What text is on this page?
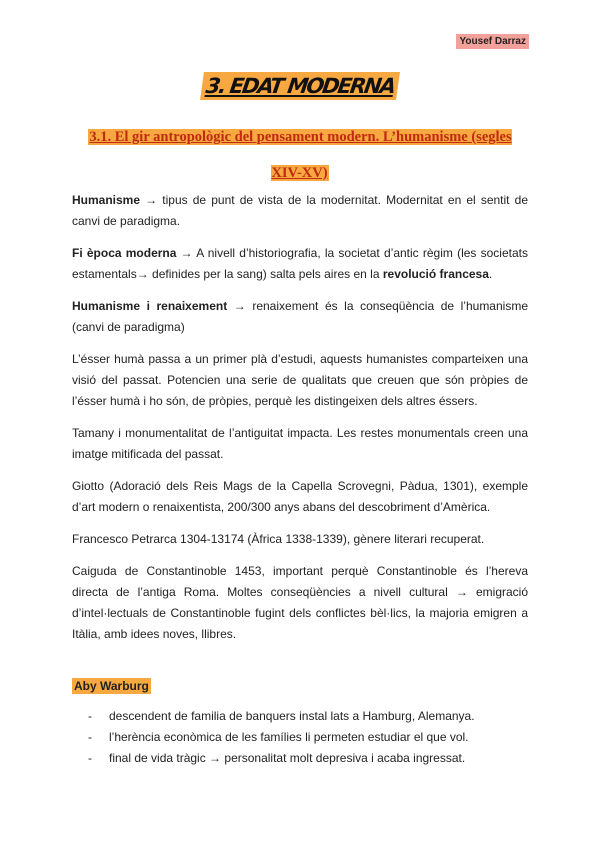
Yousef Darraz
3. EDAT MODERNA
3.1. El gir antropològic del pensament modern. L’humanisme (segles XIV-XV)

Humanisme → tipus de punt de vista de la modernitat. Modernitat en el sentit de canvi de paradigma.

Fi època moderna → A nivell d’historiografia, la societat d’antic règim (les societats estamentals→ definides per la sang) salta pels aires en la revolució francesa.

Humanisme i renaixement → renaixement és la conseqüència de l’humanisme (canvi de paradigma)

L’ésser humà passa a un primer plà d’estudi, aquests humanistes comparteixen una visió del passat. Potencien una serie de qualitats que creuen que són pròpies de l’ésser humà i ho són, de pròpies, perquè les distingeixen dels altres éssers.

Tamany i monumentalitat de l’antiguitat impacta. Les restes monumentals creen una imatge mitificada del passat.

Giotto (Adoració dels Reis Mags de la Capella Scrovegni, Pàdua, 1301), exemple d’art modern o renaixentista, 200/300 anys abans del descobriment d’Amèrica.

Francesco Petrarca 1304-13174 (Àfrica 1338-1339), gènere literari recuperat.

Caiguda de Constantinoble 1453, important perquè Constantinoble és l’hereva directa de l’antiga Roma. Moltes conseqüències a nivell cultural → emigració d’intel·lectuals de Constantinoble fugint dels conflictes bèl·lics, la majoria emigren a Itàlia, amb idees noves, llibres.

Aby Warburg
- descendent de familia de banquers instal lats a Hamburg, Alemanya.
- l’herència econòmica de les famílies li permeten estudiar el que vol.
- final de vida tràgic → personalitat molt depresiva i acaba ingressat.
